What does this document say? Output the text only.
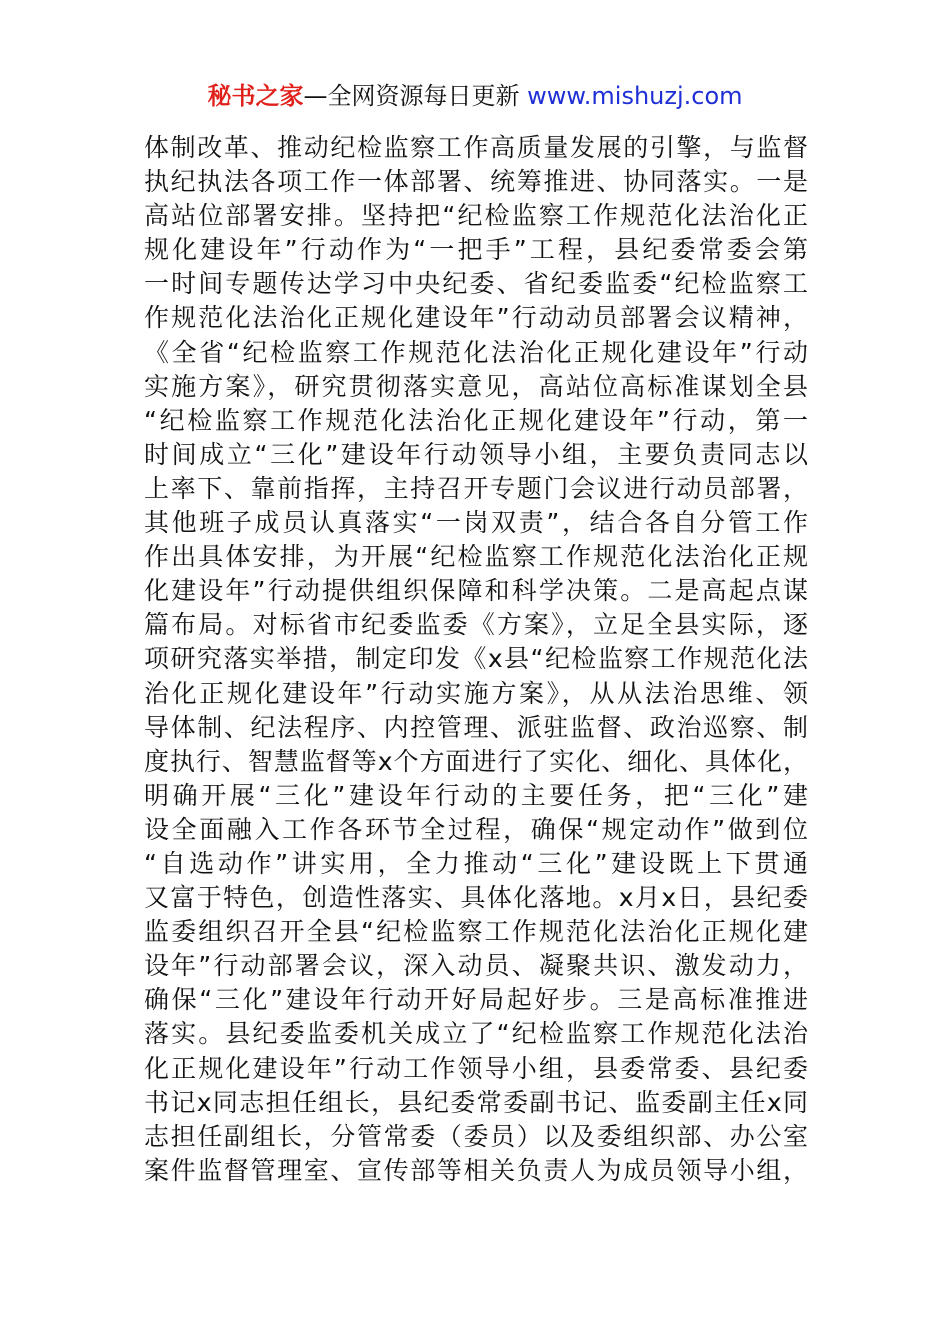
秘书之家—全网资源每日更新 www.mishuzj.com
体制改革、推动纪检监察工作高质量发展的引擎，与监督
执纪执法各项工作一体部署、统筹推进、协同落实。一是
高站位部署安排。坚持把“纪检监察工作规范化法治化正
规化建设年”行动作为“一把手”工程，县纪委常委会第
一时间专题传达学习中央纪委、省纪委监委“纪检监察工
作规范化法治化正规化建设年”行动动员部署会议精神，
《全省“纪检监察工作规范化法治化正规化建设年”行动
实施方案》，研究贯彻落实意见，高站位高标准谋划全县
“纪检监察工作规范化法治化正规化建设年”行动，第一
时间成立“三化”建设年行动领导小组，主要负责同志以
上率下、靠前指挥，主持召开专题门会议进行动员部署，
其他班子成员认真落实“一岗双责”，结合各自分管工作
作出具体安排，为开展“纪检监察工作规范化法治化正规
化建设年”行动提供组织保障和科学决策。二是高起点谋
篇布局。对标省市纪委监委《方案》，立足全县实际，逐
项研究落实举措，制定印发《x县“纪检监察工作规范化法
治化正规化建设年”行动实施方案》，从从法治思维、领
导体制、纪法程序、内控管理、派驻监督、政治巡察、制
度执行、智慧监督等x个方面进行了实化、细化、具体化，
明确开展“三化”建设年行动的主要任务，把“三化”建
设全面融入工作各环节全过程，确保“规定动作”做到位
“自选动作”讲实用，全力推动“三化”建设既上下贯通
又富于特色，创造性落实、具体化落地。x月x日，县纪委
监委组织召开全县“纪检监察工作规范化法治化正规化建
设年”行动部署会议，深入动员、凝聚共识、激发动力，
确保“三化”建设年行动开好局起好步。三是高标准推进
落实。县纪委监委机关成立了“纪检监察工作规范化法治
化正规化建设年”行动工作领导小组，县委常委、县纪委
书记x同志担任组长，县纪委常委副书记、监委副主任x同
志担任副组长，分管常委（委员）以及委组织部、办公室
案件监督管理室、宣传部等相关负责人为成员领导小组，
